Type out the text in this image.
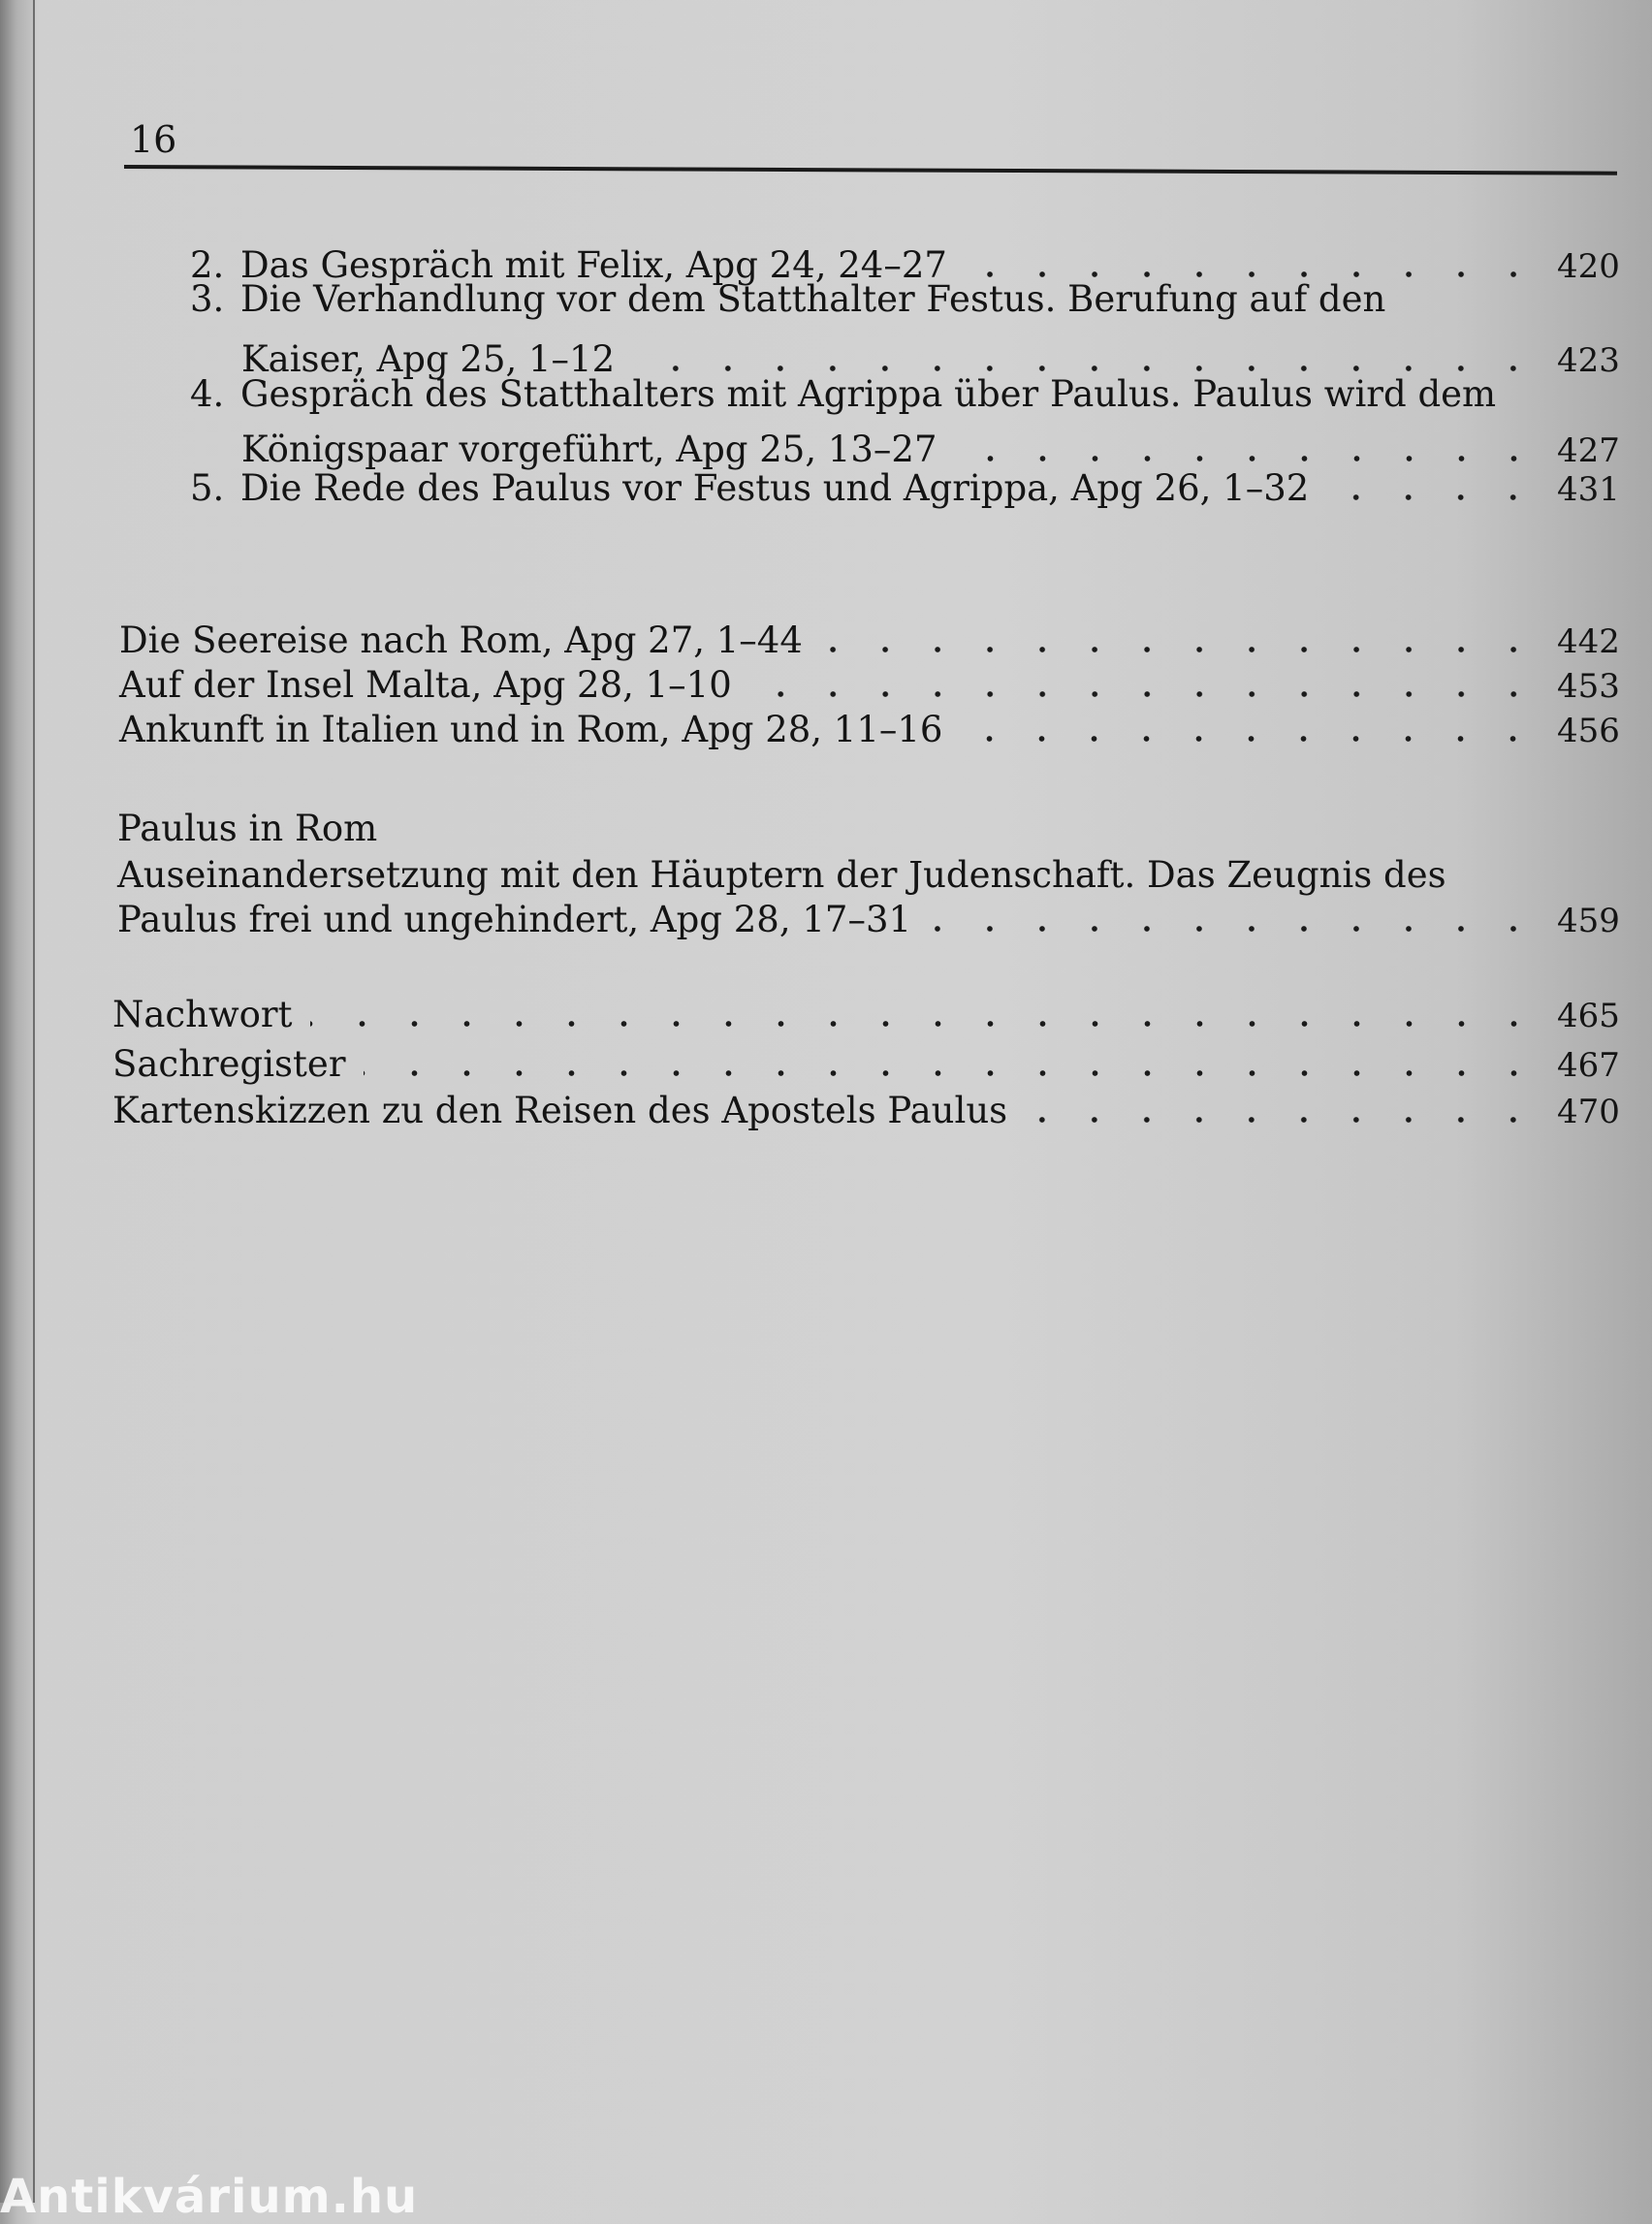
16
2. Das Gespräch mit Felix, Apg 24, 24–27	420
3. Die Verhandlung vor dem Statthalter Festus. Berufung auf den
Kaiser, Apg 25, 1–12	423
4. Gespräch des Statthalters mit Agrippa über Paulus. Paulus wird dem
Königspaar vorgeführt, Apg 25, 13–27	427
5. Die Rede des Paulus vor Festus und Agrippa, Apg 26, 1–32	431
Die Seereise nach Rom, Apg 27, 1–44	442
Auf der Insel Malta, Apg 28, 1–10	453
Ankunft in Italien und in Rom, Apg 28, 11–16	456
Paulus in Rom
Auseinandersetzung mit den Häuptern der Judenschaft. Das Zeugnis des
Paulus frei und ungehindert, Apg 28, 17–31	459
Nachwort	465
Sachregister	467
Kartenskizzen zu den Reisen des Apostels Paulus	470
Antikvárium.hu
